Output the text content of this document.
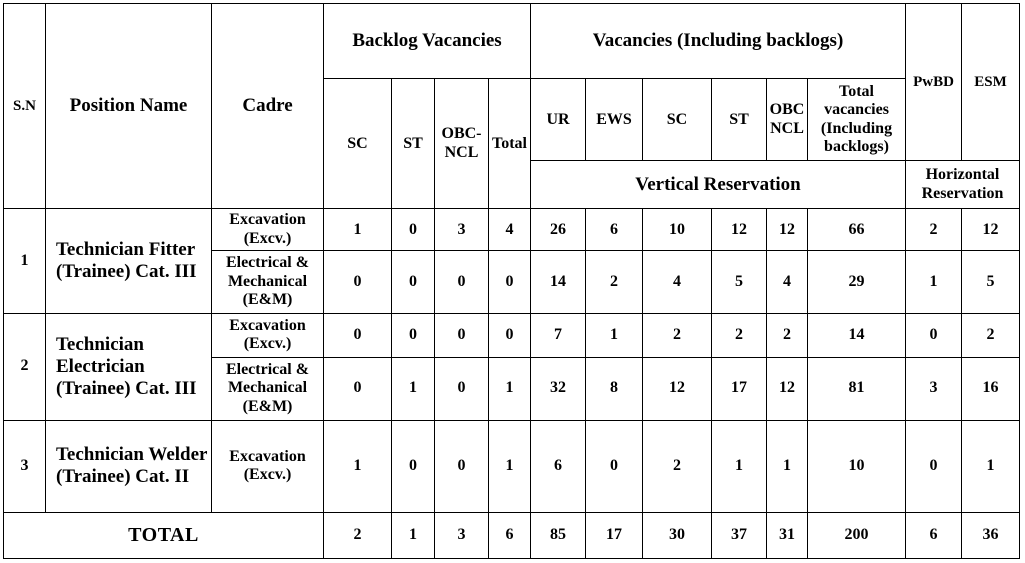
S.N	Position Name	Cadre	Backlog Vacancies				Vacancies (Including backlogs)						PwBD	ESM
			SC	ST	OBC-NCL	Total	UR	EWS	SC	ST	OBC NCL	Total vacancies (Including backlogs)		
							Vertical Reservation						Horizontal Reservation	
1	Technician Fitter (Trainee) Cat. III	Excavation (Excv.)	1	0	3	4	26	6	10	12	12	66	2	12
		Electrical & Mechanical (E&M)	0	0	0	0	14	2	4	5	4	29	1	5
2	Technician Electrician (Trainee) Cat. III	Excavation (Excv.)	0	0	0	0	7	1	2	2	2	14	0	2
		Electrical & Mechanical (E&M)	0	1	0	1	32	8	12	17	12	81	3	16
3	Technician Welder (Trainee) Cat. II	Excavation (Excv.)	1	0	0	1	6	0	2	1	1	10	0	1
TOTAL			2	1	3	6	85	17	30	37	31	200	6	36
